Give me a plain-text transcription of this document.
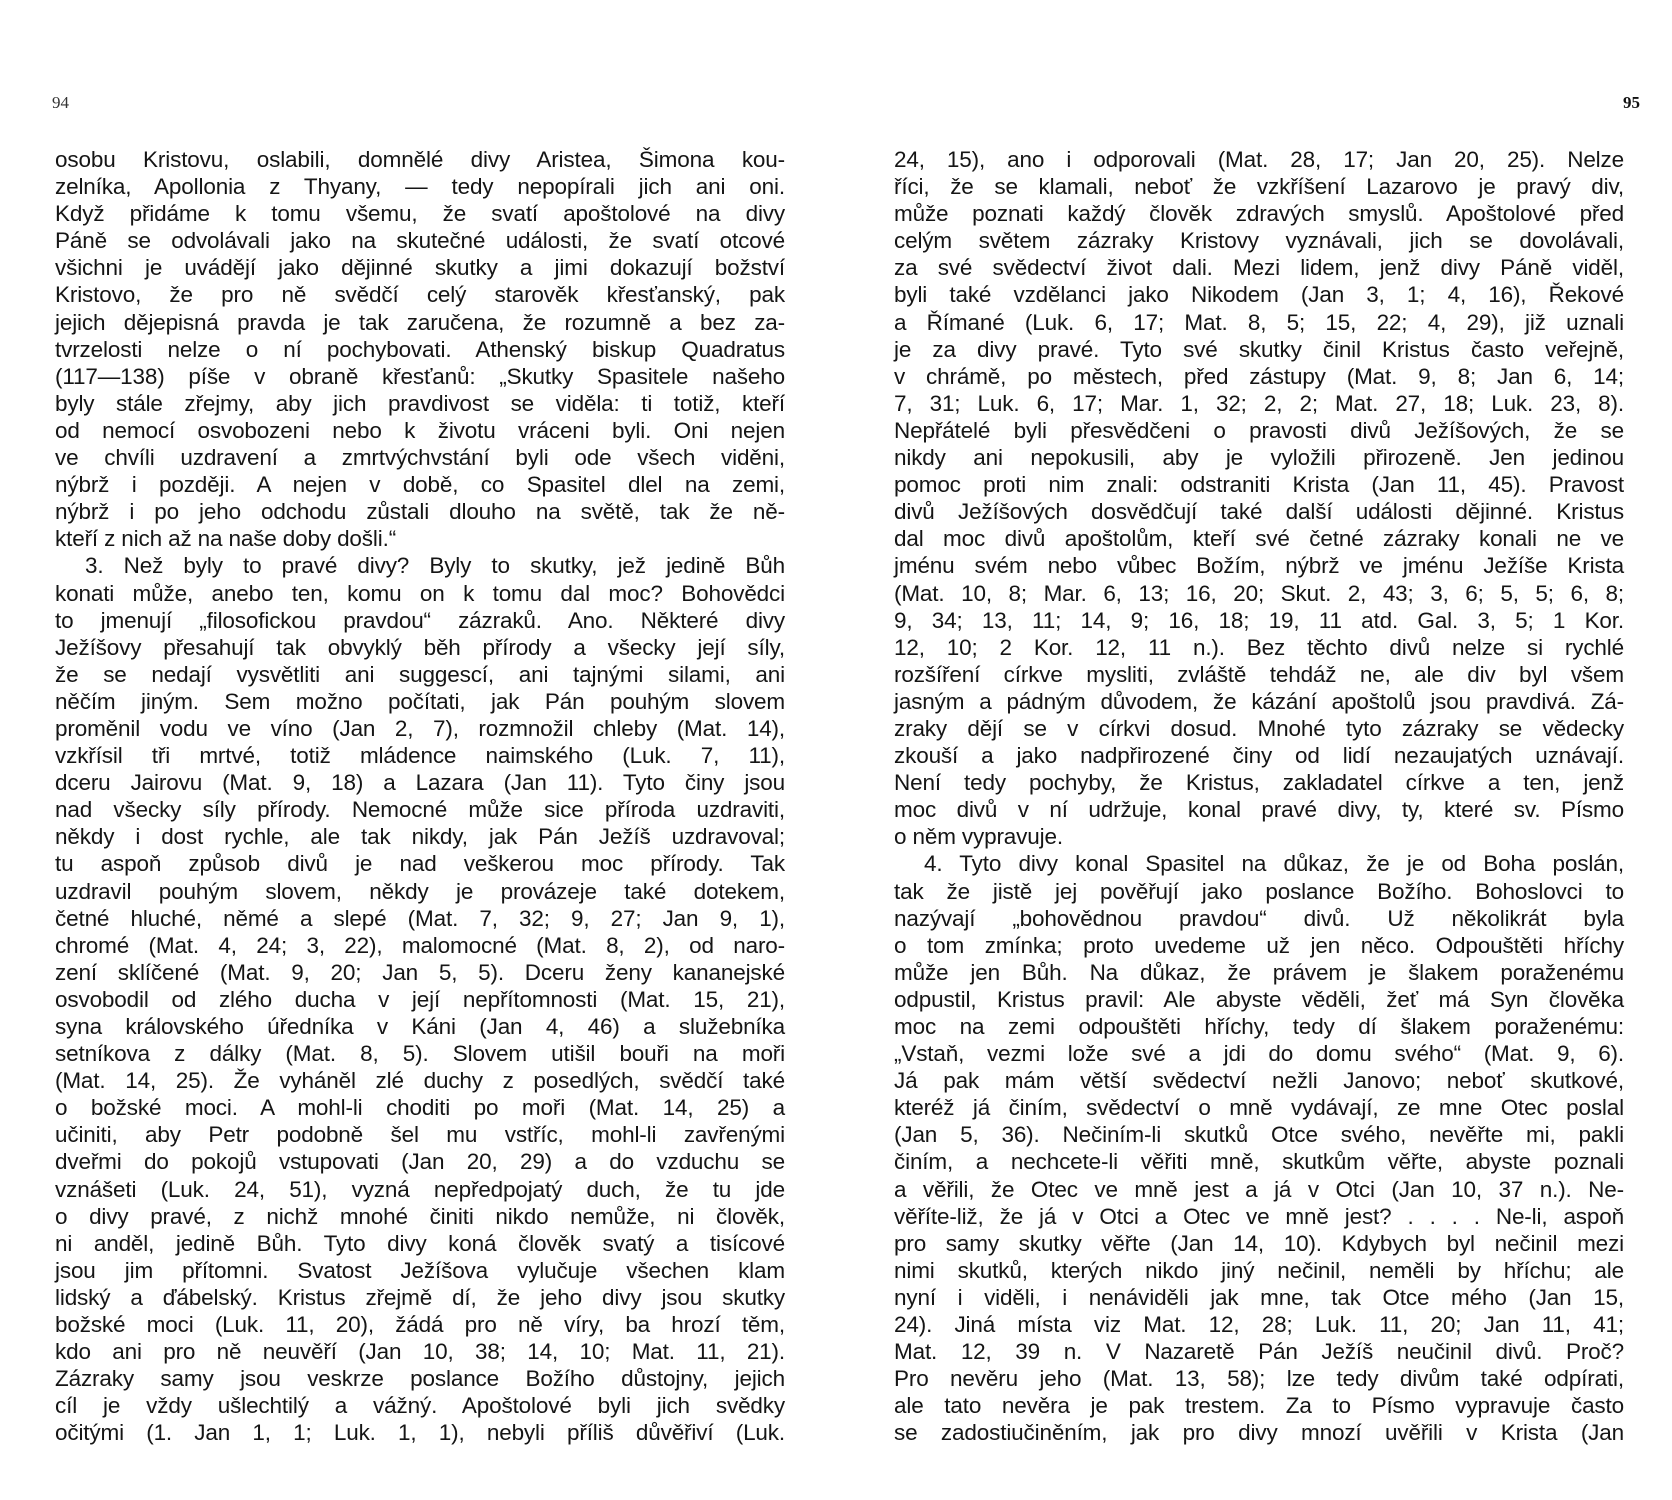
94
osobu Kristovu, oslabili, domnělé divy Aristea, Šimona kou-
zelníka, Apollonia z Thyany, — tedy nepopírali jich ani oni.
Když přidáme k tomu všemu, že svatí apoštolové na divy
Páně se odvolávali jako na skutečné události, že svatí otcové
všichni je uvádějí jako dějinné skutky a jimi dokazují božství
Kristovo, že pro ně svědčí celý starověk křesťanský, pak
jejich dějepisná pravda je tak zaručena, že rozumně a bez za-
tvrzelosti nelze o ní pochybovati. Athenský biskup Quadratus
(117—138) píše v obraně křesťanů: „Skutky Spasitele našeho
byly stále zřejmy, aby jich pravdivost se viděla: ti totiž, kteří
od nemocí osvobozeni nebo k životu vráceni byli. Oni nejen
ve chvíli uzdravení a zmrtvýchvstání byli ode všech viděni,
nýbrž i později. A nejen v době, co Spasitel dlel na zemi,
nýbrž i po jeho odchodu zůstali dlouho na světě, tak že ně-
kteří z nich až na naše doby došli.“
3. Než byly to pravé divy? Byly to skutky, jež jedině Bůh
konati může, anebo ten, komu on k tomu dal moc? Bohovědci
to jmenují „filosofickou pravdou“ zázraků. Ano. Některé divy
Ježíšovy přesahují tak obvyklý běh přírody a všecky její síly,
že se nedají vysvětliti ani suggescí, ani tajnými silami, ani
něčím jiným. Sem možno počítati, jak Pán pouhým slovem
proměnil vodu ve víno (Jan 2, 7), rozmnožil chleby (Mat. 14),
vzkřísil tři mrtvé, totiž mládence naimského (Luk. 7, 11),
dceru Jairovu (Mat. 9, 18) a Lazara (Jan 11). Tyto činy jsou
nad všecky síly přírody. Nemocné může sice příroda uzdraviti,
někdy i dost rychle, ale tak nikdy, jak Pán Ježíš uzdravoval;
tu aspoň způsob divů je nad veškerou moc přírody. Tak
uzdravil pouhým slovem, někdy je provázeje také dotekem,
četné hluché, němé a slepé (Mat. 7, 32; 9, 27; Jan 9, 1),
chromé (Mat. 4, 24; 3, 22), malomocné (Mat. 8, 2), od naro-
zení sklíčené (Mat. 9, 20; Jan 5, 5). Dceru ženy kananejské
osvobodil od zlého ducha v její nepřítomnosti (Mat. 15, 21),
syna královského úředníka v Káni (Jan 4, 46) a služebníka
setníkova z dálky (Mat. 8, 5). Slovem utišil bouři na moři
(Mat. 14, 25). Že vyháněl zlé duchy z posedlých, svědčí také
o božské moci. A mohl-li choditi po moři (Mat. 14, 25) a
učiniti, aby Petr podobně šel mu vstříc, mohl-li zavřenými
dveřmi do pokojů vstupovati (Jan 20, 29) a do vzduchu se
vznášeti (Luk. 24, 51), vyzná nepředpojatý duch, že tu jde
o divy pravé, z nichž mnohé činiti nikdo nemůže, ni člověk,
ni anděl, jedině Bůh. Tyto divy koná člověk svatý a tisícové
jsou jim přítomni. Svatost Ježíšova vylučuje všechen klam
lidský a ďábelský. Kristus zřejmě dí, že jeho divy jsou skutky
božské moci (Luk. 11, 20), žádá pro ně víry, ba hrozí těm,
kdo ani pro ně neuvěří (Jan 10, 38; 14, 10; Mat. 11, 21).
Zázraky samy jsou veskrze poslance Božího důstojny, jejich
cíl je vždy ušlechtilý a vážný. Apoštolové byli jich svědky
očitými (1. Jan 1, 1; Luk. 1, 1), nebyli příliš důvěřiví (Luk.
95
24, 15), ano i odporovali (Mat. 28, 17; Jan 20, 25). Nelze
říci, že se klamali, neboť že vzkříšení Lazarovo je pravý div,
může poznati každý člověk zdravých smyslů. Apoštolové před
celým světem zázraky Kristovy vyznávali, jich se dovolávali,
za své svědectví život dali. Mezi lidem, jenž divy Páně viděl,
byli také vzdělanci jako Nikodem (Jan 3, 1; 4, 16), Řekové
a Římané (Luk. 6, 17; Mat. 8, 5; 15, 22; 4, 29), již uznali
je za divy pravé. Tyto své skutky činil Kristus často veřejně,
v chrámě, po městech, před zástupy (Mat. 9, 8; Jan 6, 14;
7, 31; Luk. 6, 17; Mar. 1, 32; 2, 2; Mat. 27, 18; Luk. 23, 8).
Nepřátelé byli přesvědčeni o pravosti divů Ježíšových, že se
nikdy ani nepokusili, aby je vyložili přirozeně. Jen jedinou
pomoc proti nim znali: odstraniti Krista (Jan 11, 45). Pravost
divů Ježíšových dosvědčují také další události dějinné. Kristus
dal moc divů apoštolům, kteří své četné zázraky konali ne ve
jménu svém nebo vůbec Božím, nýbrž ve jménu Ježíše Krista
(Mat. 10, 8; Mar. 6, 13; 16, 20; Skut. 2, 43; 3, 6; 5, 5; 6, 8;
9, 34; 13, 11; 14, 9; 16, 18; 19, 11 atd. Gal. 3, 5; 1 Kor.
12, 10; 2 Kor. 12, 11 n.). Bez těchto divů nelze si rychlé
rozšíření církve mysliti, zvláště tehdáž ne, ale div byl všem
jasným a pádným důvodem, že kázání apoštolů jsou pravdivá. Zá-
zraky dějí se v církvi dosud. Mnohé tyto zázraky se vědecky
zkouší a jako nadpřirozené činy od lidí nezaujatých uznávají.
Není tedy pochyby, že Kristus, zakladatel církve a ten, jenž
moc divů v ní udržuje, konal pravé divy, ty, které sv. Písmo
o něm vypravuje.
4. Tyto divy konal Spasitel na důkaz, že je od Boha poslán,
tak že jistě jej pověřují jako poslance Božího. Bohoslovci to
nazývají „bohovědnou pravdou“ divů. Už několikrát byla
o tom zmínka; proto uvedeme už jen něco. Odpouštěti hříchy
může jen Bůh. Na důkaz, že právem je šlakem poraženému
odpustil, Kristus pravil: Ale abyste věděli, žeť má Syn člověka
moc na zemi odpouštěti hříchy, tedy dí šlakem poraženému:
„Vstaň, vezmi lože své a jdi do domu svého“ (Mat. 9, 6).
Já pak mám větší svědectví nežli Janovo; neboť skutkové,
kteréž já činím, svědectví o mně vydávají, ze mne Otec poslal
(Jan 5, 36). Nečiním-li skutků Otce svého, nevěřte mi, pakli
činím, a nechcete-li věřiti mně, skutkům věřte, abyste poznali
a věřili, že Otec ve mně jest a já v Otci (Jan 10, 37 n.). Ne-
věříte-liž, že já v Otci a Otec ve mně jest? . . . . Ne-li, aspoň
pro samy skutky věřte (Jan 14, 10). Kdybych byl nečinil mezi
nimi skutků, kterých nikdo jiný nečinil, neměli by hříchu; ale
nyní i viděli, i nenáviděli jak mne, tak Otce mého (Jan 15,
24). Jiná místa viz Mat. 12, 28; Luk. 11, 20; Jan 11, 41;
Mat. 12, 39 n. V Nazaretě Pán Ježíš neučinil divů. Proč?
Pro nevěru jeho (Mat. 13, 58); lze tedy divům také odpírati,
ale tato nevěra je pak trestem. Za to Písmo vypravuje často
se zadostiučiněním, jak pro divy mnozí uvěřili v Krista (Jan
